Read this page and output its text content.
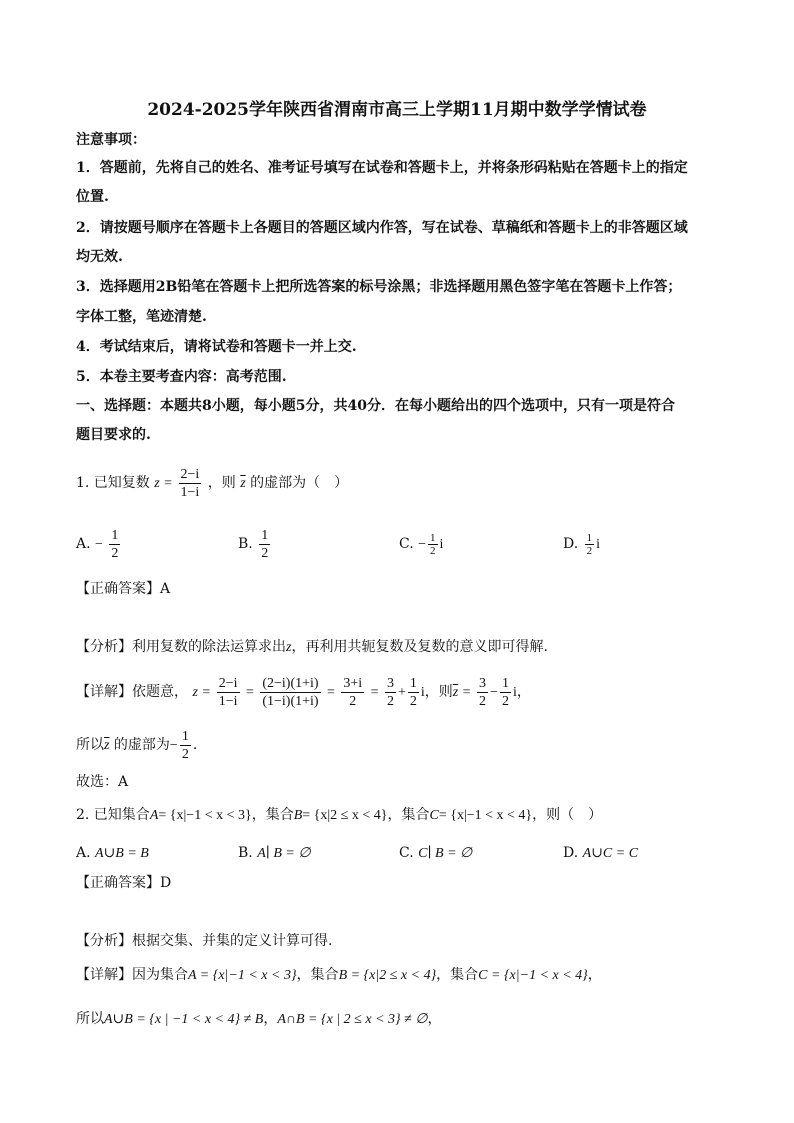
2024-2025学年陕西省渭南市高三上学期11月期中数学学情试卷
注意事项：
1．答题前，先将自己的姓名、准考证号填写在试卷和答题卡上，并将条形码粘贴在答题卡上的指定
位置.
2．请按题号顺序在答题卡上各题目的答题区域内作答，写在试卷、草稿纸和答题卡上的非答题区域
均无效.
3．选择题用2B铅笔在答题卡上把所选答案的标号涂黑；非选择题用黑色签字笔在答题卡上作答；
字体工整，笔迹清楚.
4．考试结束后，请将试卷和答题卡一并上交.
5．本卷主要考查内容：高考范围.
一、选择题：本题共8小题，每小题5分，共40分．在每小题给出的四个选项中，只有一项是符合
题目要求的.
1. 已知复数 $z = \frac{2-i}{1-i}$ ，则 $\overline{z}$ 的虚部为（　）
A. − $\frac{1}{2}$	B. $\frac{1}{2}$	C. − $\frac{1}{2}$ i	D. $\frac{1}{2}$ i
【正确答案】A
【分析】利用复数的除法运算求出z，再利用共轭复数及复数的意义即可得解.
【详解】依题意， $z = \frac{2-i}{1-i} = \frac{(2-i)(1+i)}{(1-i)(1+i)} = \frac{3+i}{2} = \frac{3}{2} + \frac{1}{2}$ i，则$\overline{z} = \frac{3}{2} - \frac{1}{2}$ i，
所以$\overline{z}$ 的虚部为− $\frac{1}{2}$ .
故选：A
2. 已知集合A= {x|−1 < x < 3}，集合B= {x|2 ≤ x < 4}，集合C= {x|−1 < x < 4}，则（　）
A. A∪B = B	B. A∣ B = ∅	C. C∣ B = ∅	D. A∪C = C
【正确答案】D
【分析】根据交集、并集的定义计算可得.
【详解】因为集合A = {x|−1 < x < 3}，集合B = {x|2 ≤ x < 4}，集合C = {x|−1 < x < 4}，
所以A∪B = {x | −1 < x < 4} ≠ B，A∩B = {x | 2 ≤ x < 3} ≠ ∅，
